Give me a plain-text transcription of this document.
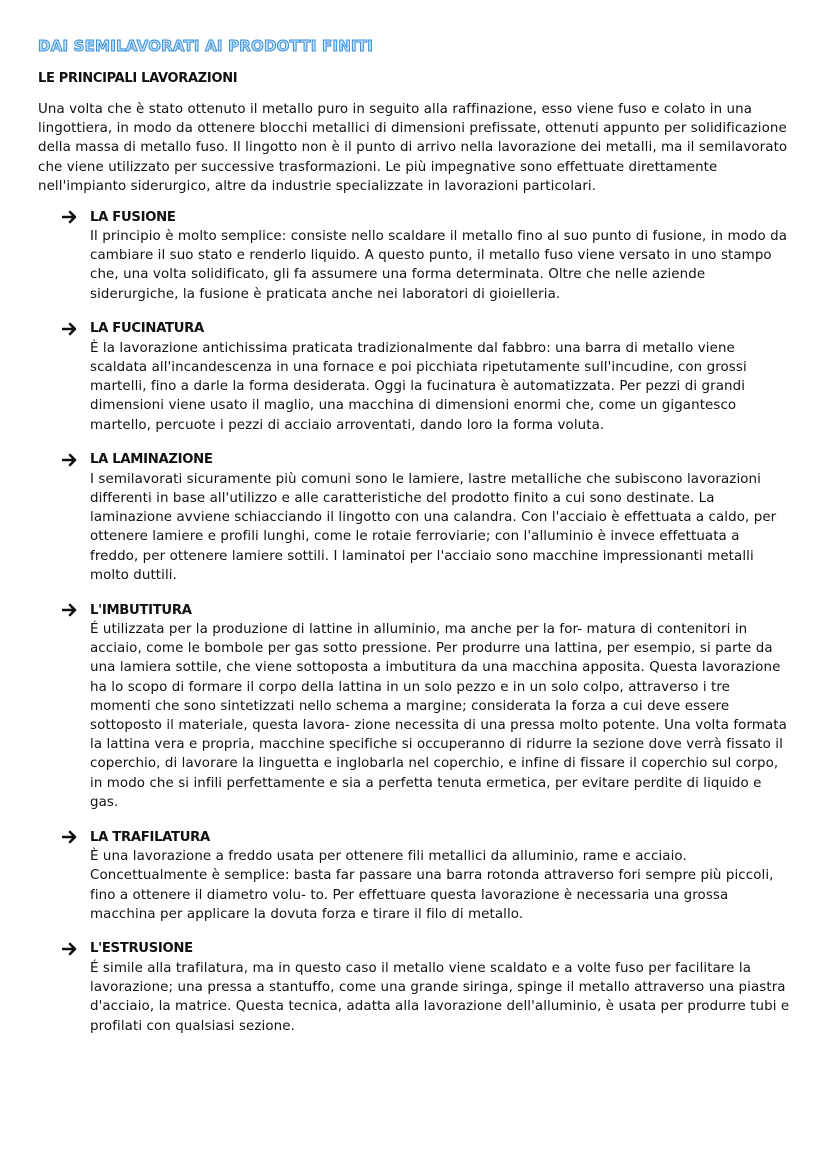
DAI SEMILAVORATI AI PRODOTTI FINITI
LE PRINCIPALI LAVORAZIONI
Una volta che è stato ottenuto il metallo puro in seguito alla raffinazione, esso viene fuso e colato in una lingottiera, in modo da ottenere blocchi metallici di dimensioni prefissate, ottenuti appunto per solidificazione della massa di metallo fuso. Il lingotto non è il punto di arrivo nella lavorazione dei metalli, ma il semilavorato che viene utilizzato per successive trasformazioni. Le più impegnative sono effettuate direttamente nell'impianto siderurgico, altre da industrie specializzate in lavorazioni particolari.
LA FUSIONE
Il principio è molto semplice: consiste nello scaldare il metallo fino al suo punto di fusione, in modo da cambiare il suo stato e renderlo liquido. A questo punto, il metallo fuso viene versato in uno stampo che, una volta solidificato, gli fa assumere una forma determinata. Oltre che nelle aziende siderurgiche, la fusione è praticata anche nei laboratori di gioielleria.
LA FUCINATURA
È la lavorazione antichissima praticata tradizionalmente dal fabbro: una barra di metallo viene scaldata all'incandescenza in una fornace e poi picchiata ripetutamente sull'incudine, con grossi martelli, fino a darle la forma desiderata. Oggi la fucinatura è automatizzata. Per pezzi di grandi dimensioni viene usato il maglio, una macchina di dimensioni enormi che, come un gigantesco martello, percuote i pezzi di acciaio arroventati, dando loro la forma voluta.
LA LAMINAZIONE
I semilavorati sicuramente più comuni sono le lamiere, lastre metalliche che subiscono lavorazioni differenti in base all'utilizzo e alle caratteristiche del prodotto finito a cui sono destinate. La laminazione avviene schiacciando il lingotto con una calandra. Con l'acciaio è effettuata a caldo, per ottenere lamiere e profili lunghi, come le rotaie ferroviarie; con l'alluminio è invece effettuata a freddo, per ottenere lamiere sottili. I laminatoi per l'acciaio sono macchine impressionanti metalli molto duttili.
L'IMBUTITURA
É utilizzata per la produzione di lattine in alluminio, ma anche per la for- matura di contenitori in acciaio, come le bombole per gas sotto pressione. Per produrre una lattina, per esempio, si parte da una lamiera sottile, che viene sottoposta a imbutitura da una macchina apposita. Questa lavorazione ha lo scopo di formare il corpo della lattina in un solo pezzo e in un solo colpo, attraverso i tre momenti che sono sintetizzati nello schema a margine; considerata la forza a cui deve essere sottoposto il materiale, questa lavora- zione necessita di una pressa molto potente. Una volta formata la lattina vera e propria, macchine specifiche si occuperanno di ridurre la sezione dove verrà fissato il coperchio, di lavorare la linguetta e inglobarla nel coperchio, e infine di fissare il coperchio sul corpo, in modo che si infili perfettamente e sia a perfetta tenuta ermetica, per evitare perdite di liquido e gas.
LA TRAFILATURA
È una lavorazione a freddo usata per ottenere fili metallici da alluminio, rame e acciaio. Concettualmente è semplice: basta far passare una barra rotonda attraverso fori sempre più piccoli, fino a ottenere il diametro volu- to. Per effettuare questa lavorazione è necessaria una grossa macchina per applicare la dovuta forza e tirare il filo di metallo.
L'ESTRUSIONE
É simile alla trafilatura, ma in questo caso il metallo viene scaldato e a volte fuso per facilitare la lavorazione; una pressa a stantuffo, come una grande siringa, spinge il metallo attraverso una piastra d'acciaio, la matrice. Questa tecnica, adatta alla lavorazione dell'alluminio, è usata per produrre tubi e profilati con qualsiasi sezione.
